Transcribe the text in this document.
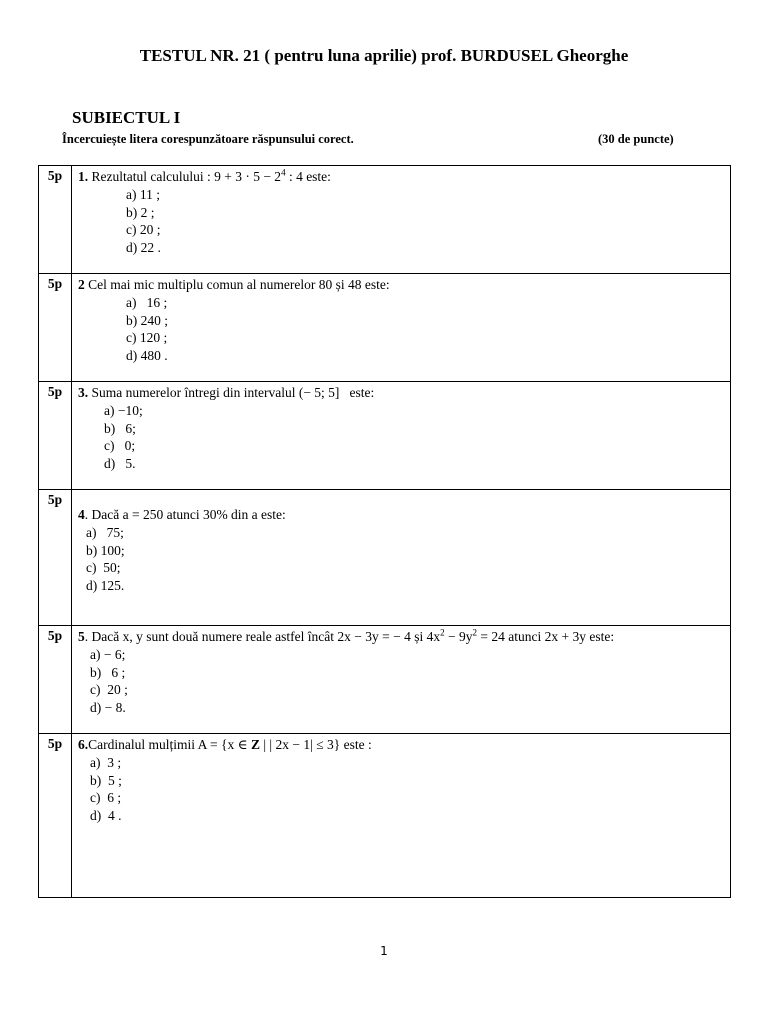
TESTUL NR. 21 ( pentru luna aprilie) prof. BURDUSEL Gheorghe
SUBIECTUL I
Încercuiește litera corespunzătoare răspunsului corect.	(30 de puncte)
5p	1. Rezultatul calculului : $9 + 3 \cdot 5 - 2^4$ : 4 este:
a) 11 ;
b) 2 ;
c) 20 ;
d) 22 .

5p	2 Cel mai mic multiplu comun al numerelor 80 și 48 este:
a)   16 ;
b) 240 ;
c) 120 ;
d) 480 .

5p	3. Suma numerelor întregi din intervalul (− 5; 5]   este:
a) −10;
b)   6;
c)   0;
d)   5.

5p	4. Dacă a = 250 atunci 30% din a este:
a)   75;
b) 100;
c)  50;
d) 125.

5p	5. Dacă x, y sunt două numere reale astfel încât 2x − 3y = − 4 și $4x^2 - 9y^2 = 24$ atunci 2x + 3y este:
a) − 6;
b)   6 ;
c)  20 ;
d) − 8.

5p	6.Cardinalul mulțimii A = {x ∈ Z | | 2x − 1| ≤ 3} este :
a)  3 ;
b)  5 ;
c)  6 ;
d)  4 .
1
